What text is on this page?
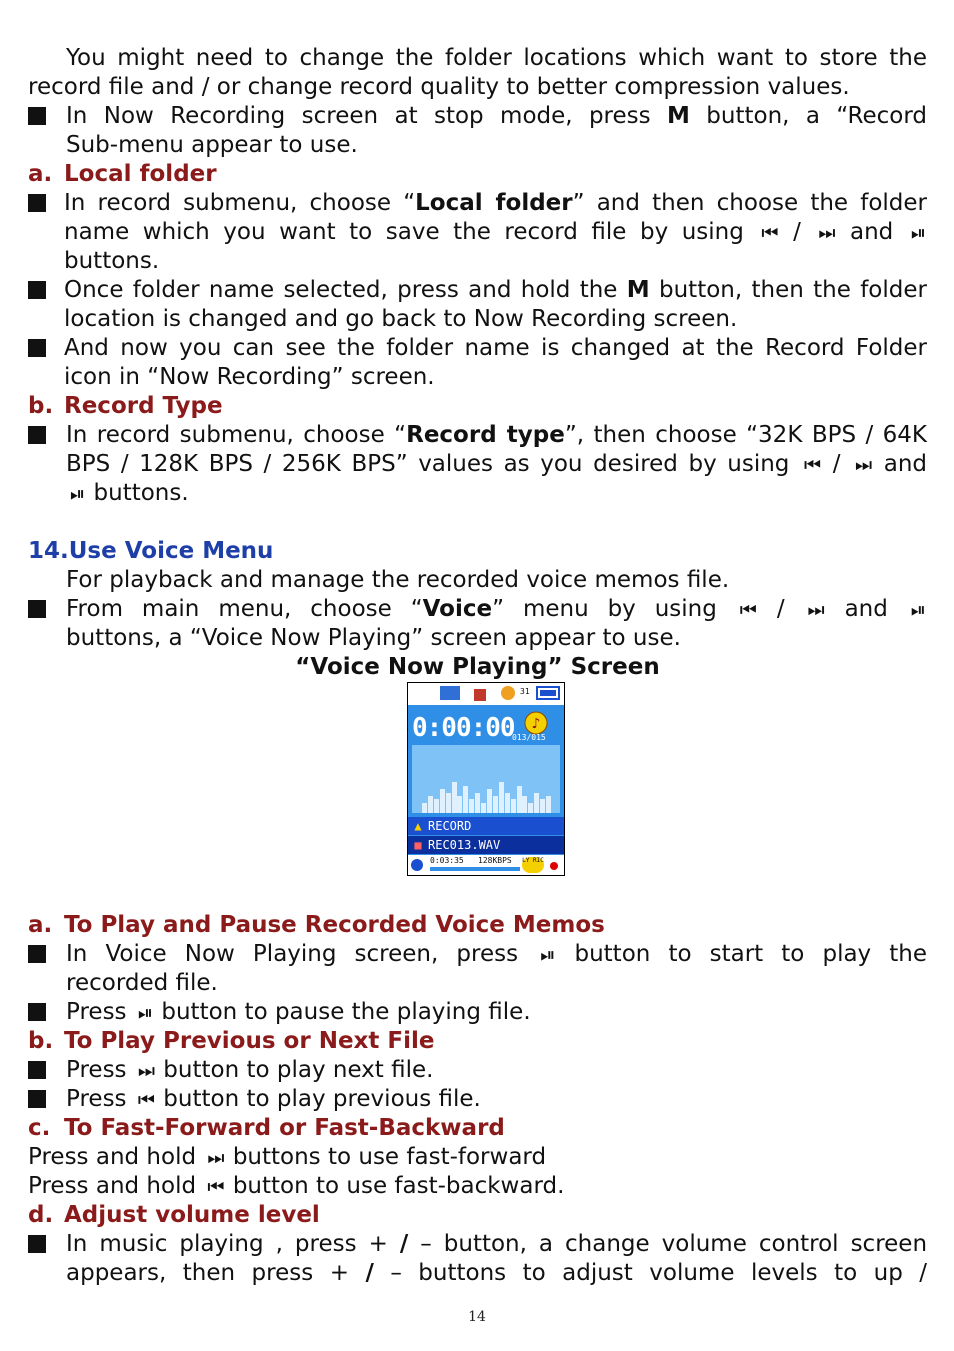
You might need to change the folder locations which want to store the
record file and / or change record quality to better compression values.
In Now Recording screen at stop mode, press M button, a “Record
Sub-menu appear to use.
a. Local folder
In record submenu, choose “Local folder” and then choose the folder
name which you want to save the record file by using ⏮ / ⏭ and ⏯
buttons.
Once folder name selected, press and hold the M button, then the folder
location is changed and go back to Now Recording screen.
And now you can see the folder name is changed at the Record Folder
icon in “Now Recording” screen.
b. Record Type
In record submenu, choose “Record type”, then choose “32K BPS / 64K
BPS / 128K BPS / 256K BPS” values as you desired by using ⏮ / ⏭ and
⏯ buttons.
14.Use Voice Menu
For playback and manage the recorded voice memos file.
From main menu, choose “Voice” menu by using ⏮ / ⏭ and ⏯
buttons, a “Voice Now Playing” screen appear to use.
“Voice Now Playing” Screen
31
0:00:00 ♪
013/015
▲ RECORD
■ REC013.WAV
0:03:35 128KBPS LY RIC
a. To Play and Pause Recorded Voice Memos
In Voice Now Playing screen, press ⏯ button to start to play the
recorded file.
Press ⏯ button to pause the playing file.
b. To Play Previous or Next File
Press ⏭ button to play next file.
Press ⏮ button to play previous file.
c. To Fast-Forward or Fast-Backward
Press and hold ⏭ buttons to use fast-forward
Press and hold ⏮ button to use fast-backward.
d. Adjust volume level
In music playing , press + / – button, a change volume control screen
appears, then press + / – buttons to adjust volume levels to up /
14
